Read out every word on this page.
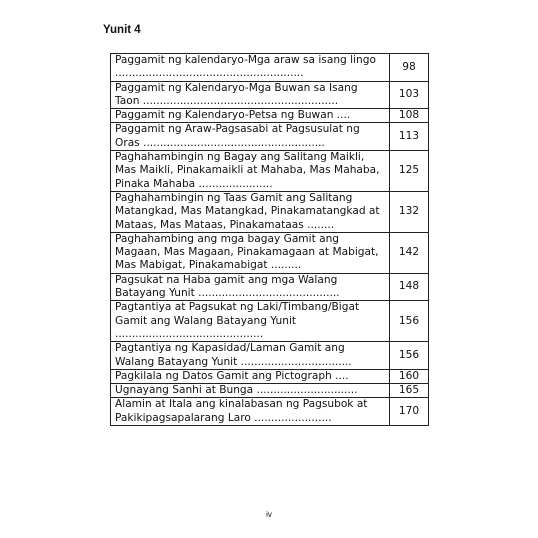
Yunit 4
Paggamit ng kalendaryo-Mga araw sa isang lingo ........................................................	98

Paggamit ng Kalendaryo-Mga Buwan sa Isang Taon ..........................................................	103

Paggamit ng Kalendaryo-Petsa ng Buwan ....	108

Paggamit ng Araw-Pagsasabi at Pagsusulat ng Oras ......................................................	113

Paghahambingin ng Bagay ang Salitang Maikli, Mas Maikli, Pinakamaikli at Mahaba, Mas Mahaba, Pinaka Mahaba ......................	125

Paghahambingin ng Taas Gamit ang Salitang Matangkad, Mas Matangkad, Pinakamatangkad at Mataas, Mas Mataas, Pinakamataas ........	132

Paghahambing ang mga bagay Gamit ang Magaan, Mas Magaan, Pinakamagaan at Mabigat, Mas Mabigat, Pinakamabigat .........	142

Pagsukat na Haba gamit ang mga Walang Batayang Yunit ..........................................	148

Pagtantiya at Pagsukat ng Laki/Timbang/Bigat Gamit ang Walang Batayang Yunit ............................................	156

Pagtantiya ng Kapasidad/Laman Gamit ang Walang Batayang Yunit .................................	156

Pagkilala ng Datos Gamit ang Pictograph ....	160

Ugnayang Sanhi at Bunga ..............................	165

Alamin at Itala ang kinalabasan ng Pagsubok at Pakikipagsapalarang Laro .......................	170
iv
